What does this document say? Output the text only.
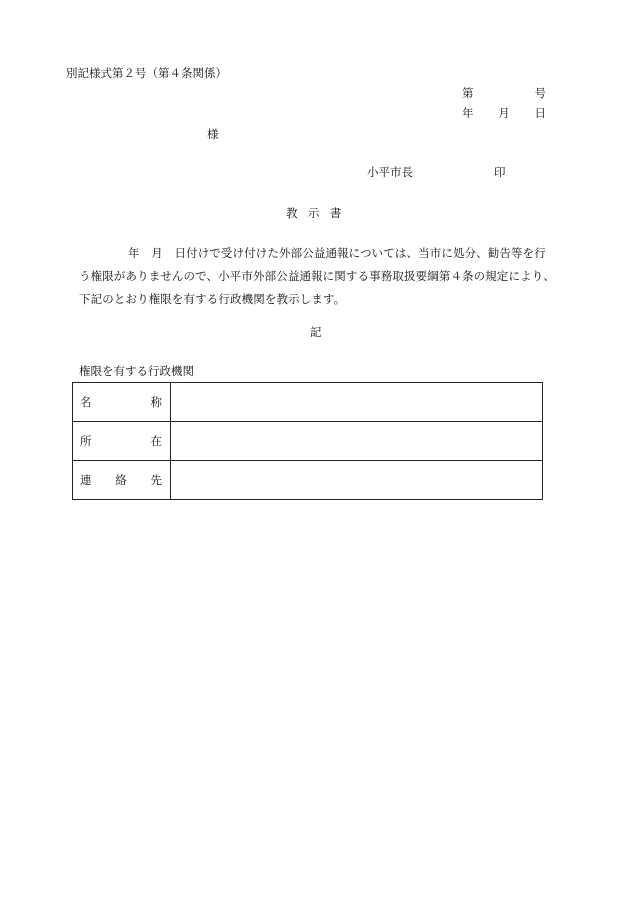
別記様式第２号（第４条関係）
第	号
年 月 日
様
小平市長	印
教示書
年　月　日付けで受け付けた外部公益通報については、当市に処分、勧告等を行う権限がありませんので、小平市外部公益通報に関する事務取扱要綱第４条の規定により、下記のとおり権限を有する行政機関を教示します。
記
権限を有する行政機関
名 称	

所 在	

連 絡 先	
